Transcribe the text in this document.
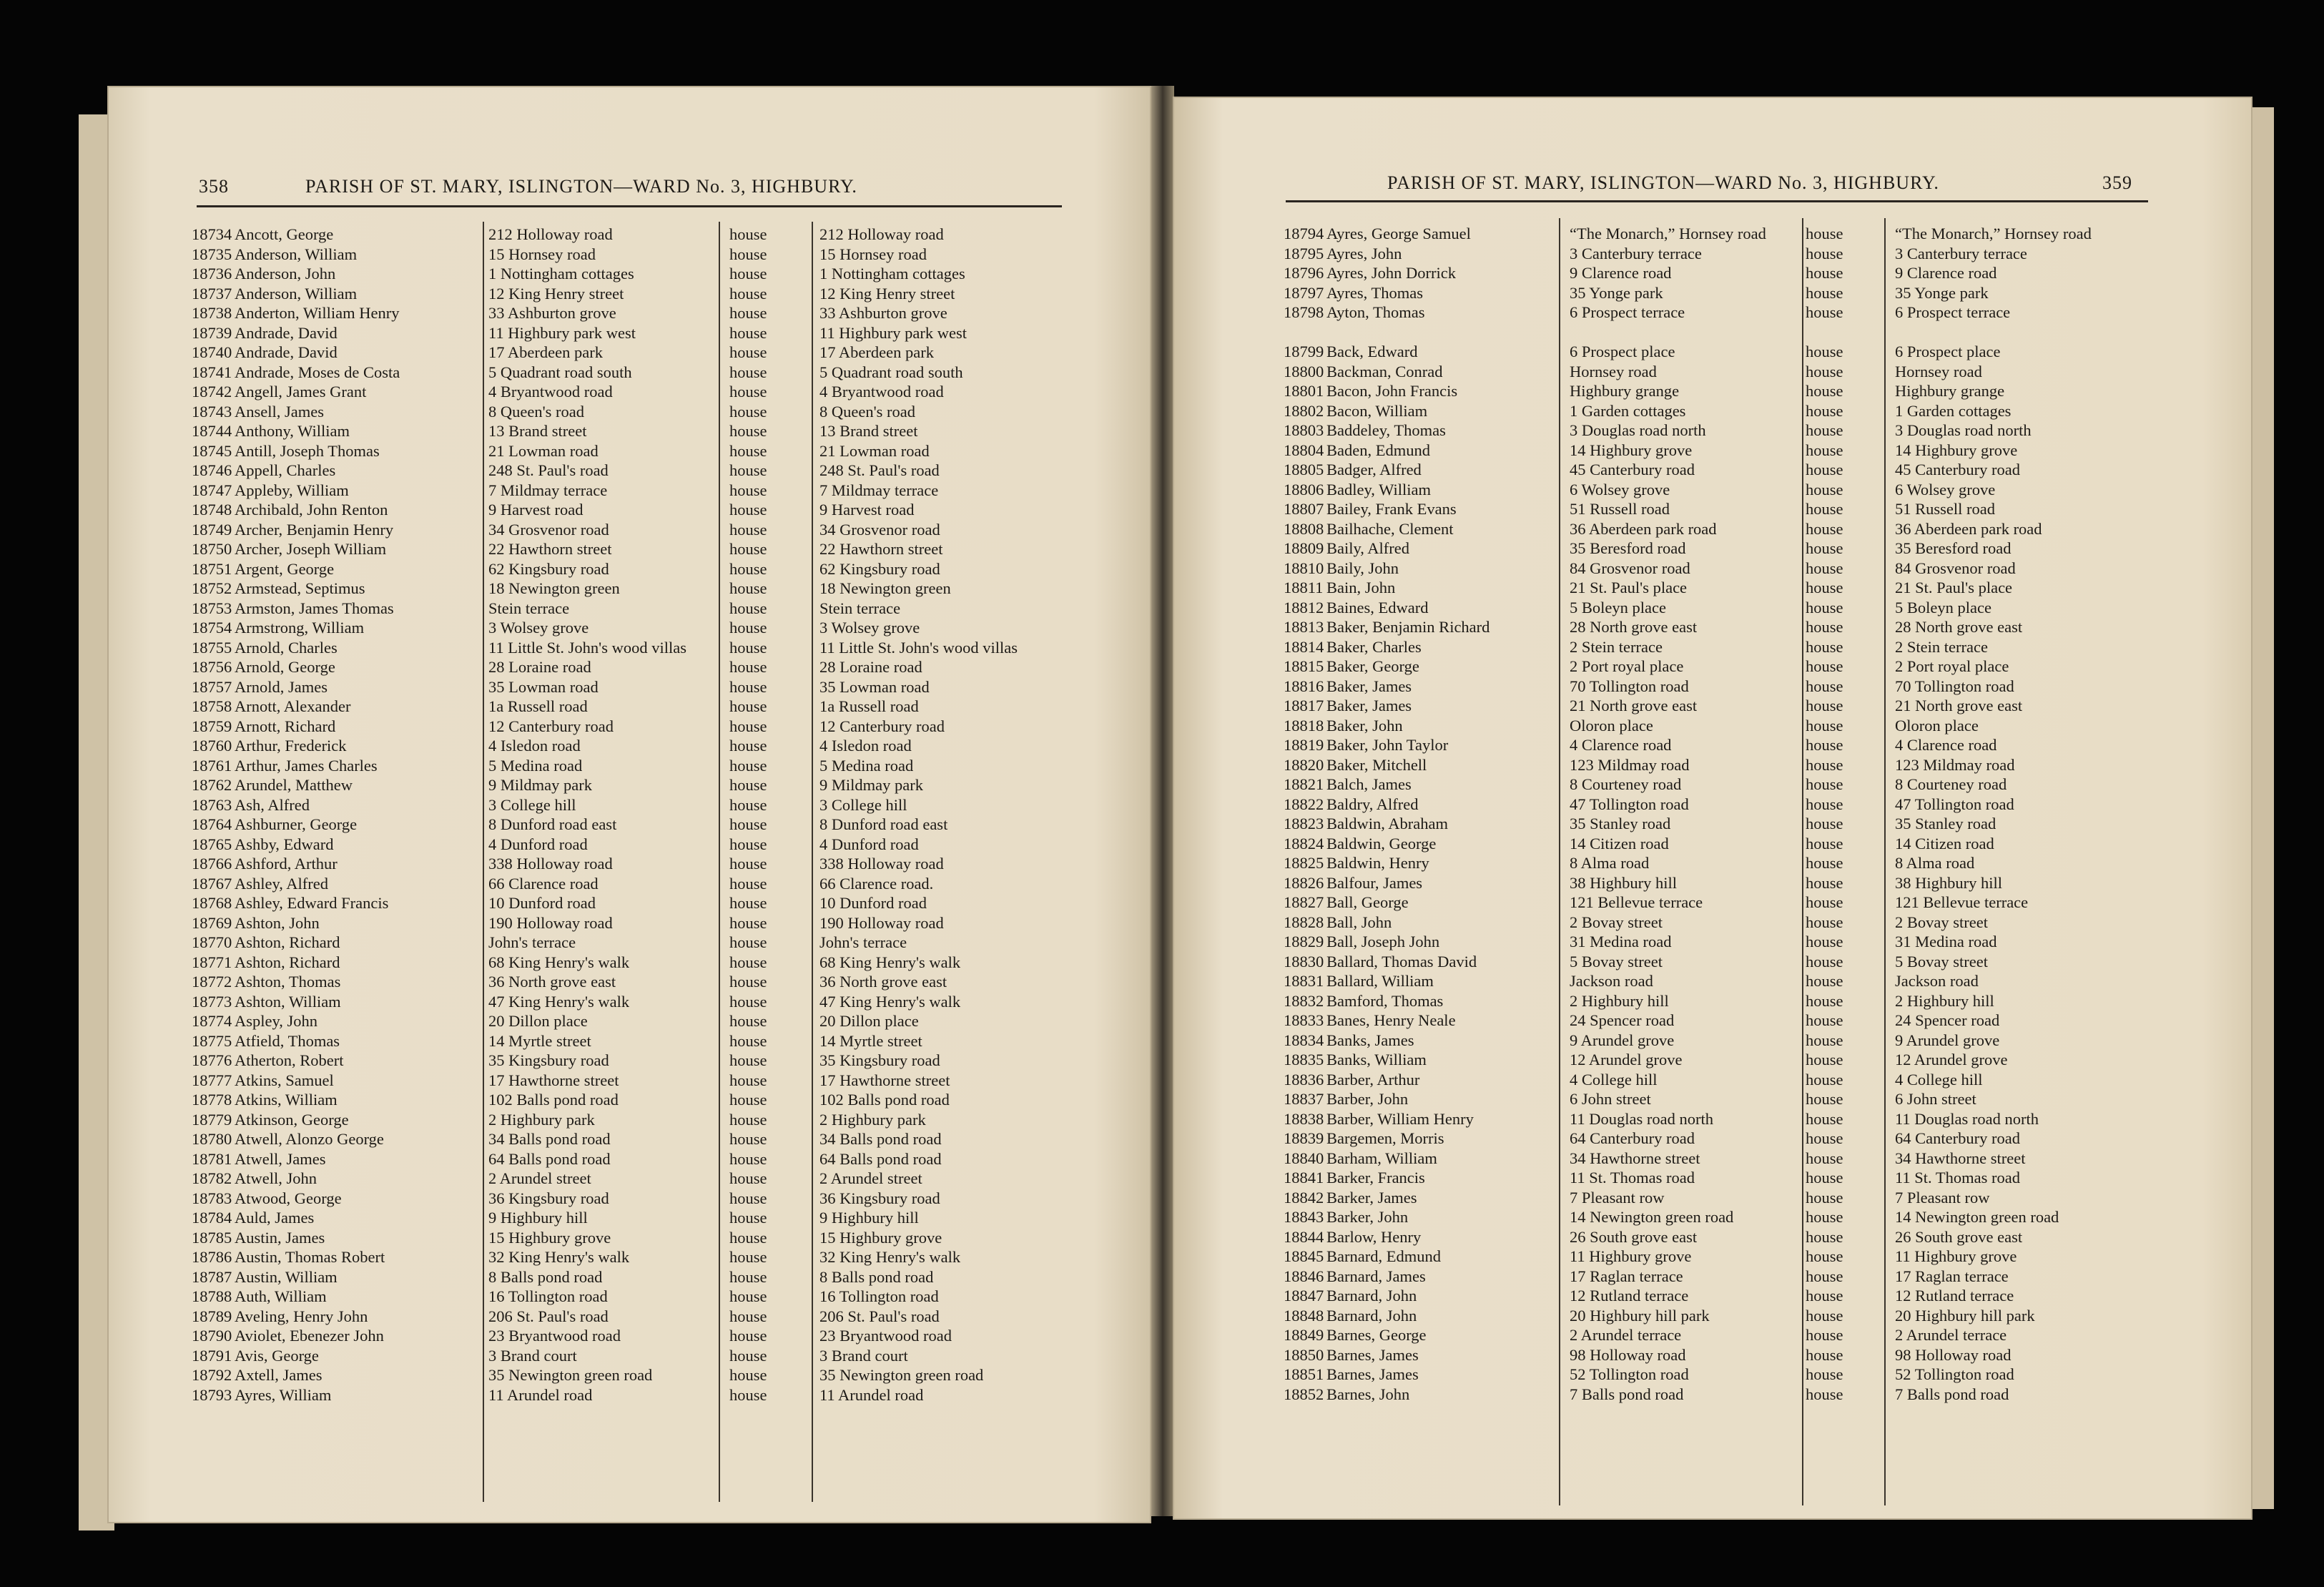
358	PARISH OF ST. MARY, ISLINGTON—WARD No. 3, HIGHBURY.
18734 Ancott, George	212 Holloway road	house	212 Holloway road
18735 Anderson, William	15 Hornsey road	house	15 Hornsey road
18736 Anderson, John	1 Nottingham cottages	house	1 Nottingham cottages
18737 Anderson, William	12 King Henry street	house	12 King Henry street
18738 Anderton, William Henry	33 Ashburton grove	house	33 Ashburton grove
18739 Andrade, David	11 Highbury park west	house	11 Highbury park west
18740 Andrade, David	17 Aberdeen park	house	17 Aberdeen park
18741 Andrade, Moses de Costa	5 Quadrant road south	house	5 Quadrant road south
18742 Angell, James Grant	4 Bryantwood road	house	4 Bryantwood road
18743 Ansell, James	8 Queen's road	house	8 Queen's road
18744 Anthony, William	13 Brand street	house	13 Brand street
18745 Antill, Joseph Thomas	21 Lowman road	house	21 Lowman road
18746 Appell, Charles	248 St. Paul's road	house	248 St. Paul's road
18747 Appleby, William	7 Mildmay terrace	house	7 Mildmay terrace
18748 Archibald, John Renton	9 Harvest road	house	9 Harvest road
18749 Archer, Benjamin Henry	34 Grosvenor road	house	34 Grosvenor road
18750 Archer, Joseph William	22 Hawthorn street	house	22 Hawthorn street
18751 Argent, George	62 Kingsbury road	house	62 Kingsbury road
18752 Armstead, Septimus	18 Newington green	house	18 Newington green
18753 Armston, James Thomas	Stein terrace	house	Stein terrace
18754 Armstrong, William	3 Wolsey grove	house	3 Wolsey grove
18755 Arnold, Charles	11 Little St. John's wood villas	house	11 Little St. John's wood villas
18756 Arnold, George	28 Loraine road	house	28 Loraine road
18757 Arnold, James	35 Lowman road	house	35 Lowman road
18758 Arnott, Alexander	1a Russell road	house	1a Russell road
18759 Arnott, Richard	12 Canterbury road	house	12 Canterbury road
18760 Arthur, Frederick	4 Isledon road	house	4 Isledon road
18761 Arthur, James Charles	5 Medina road	house	5 Medina road
18762 Arundel, Matthew	9 Mildmay park	house	9 Mildmay park
18763 Ash, Alfred	3 College hill	house	3 College hill
18764 Ashburner, George	8 Dunford road east	house	8 Dunford road east
18765 Ashby, Edward	4 Dunford road	house	4 Dunford road
18766 Ashford, Arthur	338 Holloway road	house	338 Holloway road
18767 Ashley, Alfred	66 Clarence road	house	66 Clarence road.
18768 Ashley, Edward Francis	10 Dunford road	house	10 Dunford road
18769 Ashton, John	190 Holloway road	house	190 Holloway road
18770 Ashton, Richard	John's terrace	house	John's terrace
18771 Ashton, Richard	68 King Henry's walk	house	68 King Henry's walk
18772 Ashton, Thomas	36 North grove east	house	36 North grove east
18773 Ashton, William	47 King Henry's walk	house	47 King Henry's walk
18774 Aspley, John	20 Dillon place	house	20 Dillon place
18775 Atfield, Thomas	14 Myrtle street	house	14 Myrtle street
18776 Atherton, Robert	35 Kingsbury road	house	35 Kingsbury road
18777 Atkins, Samuel	17 Hawthorne street	house	17 Hawthorne street
18778 Atkins, William	102 Balls pond road	house	102 Balls pond road
18779 Atkinson, George	2 Highbury park	house	2 Highbury park
18780 Atwell, Alonzo George	34 Balls pond road	house	34 Balls pond road
18781 Atwell, James	64 Balls pond road	house	64 Balls pond road
18782 Atwell, John	2 Arundel street	house	2 Arundel street
18783 Atwood, George	36 Kingsbury road	house	36 Kingsbury road
18784 Auld, James	9 Highbury hill	house	9 Highbury hill
18785 Austin, James	15 Highbury grove	house	15 Highbury grove
18786 Austin, Thomas Robert	32 King Henry's walk	house	32 King Henry's walk
18787 Austin, William	8 Balls pond road	house	8 Balls pond road
18788 Auth, William	16 Tollington road	house	16 Tollington road
18789 Aveling, Henry John	206 St. Paul's road	house	206 St. Paul's road
18790 Aviolet, Ebenezer John	23 Bryantwood road	house	23 Bryantwood road
18791 Avis, George	3 Brand court	house	3 Brand court
18792 Axtell, James	35 Newington green road	house	35 Newington green road
18793 Ayres, William	11 Arundel road	house	11 Arundel road
PARISH OF ST. MARY, ISLINGTON—WARD No. 3, HIGHBURY.	359
18794 Ayres, George Samuel	“The Monarch,” Hornsey road house	“The Monarch,” Hornsey road
18795 Ayres, John	3 Canterbury terrace	house	3 Canterbury terrace
18796 Ayres, John Dorrick	9 Clarence road	house	9 Clarence road
18797 Ayres, Thomas	35 Yonge park	house	35 Yonge park
18798 Ayton, Thomas	6 Prospect terrace	house	6 Prospect terrace
18799 Back, Edward	6 Prospect place	house	6 Prospect place
18800 Backman, Conrad	Hornsey road	house	Hornsey road
18801 Bacon, John Francis	Highbury grange	house	Highbury grange
18802 Bacon, William	1 Garden cottages	house	1 Garden cottages
18803 Baddeley, Thomas	3 Douglas road north	house	3 Douglas road north
18804 Baden, Edmund	14 Highbury grove	house	14 Highbury grove
18805 Badger, Alfred	45 Canterbury road	house	45 Canterbury road
18806 Badley, William	6 Wolsey grove	house	6 Wolsey grove
18807 Bailey, Frank Evans	51 Russell road	house	51 Russell road
18808 Bailhache, Clement	36 Aberdeen park road	house	36 Aberdeen park road
18809 Baily, Alfred	35 Beresford road	house	35 Beresford road
18810 Baily, John	84 Grosvenor road	house	84 Grosvenor road
18811 Bain, John	21 St. Paul's place	house	21 St. Paul's place
18812 Baines, Edward	5 Boleyn place	house	5 Boleyn place
18813 Baker, Benjamin Richard	28 North grove east	house	28 North grove east
18814 Baker, Charles	2 Stein terrace	house	2 Stein terrace
18815 Baker, George	2 Port royal place	house	2 Port royal place
18816 Baker, James	70 Tollington road	house	70 Tollington road
18817 Baker, James	21 North grove east	house	21 North grove east
18818 Baker, John	Oloron place	house	Oloron place
18819 Baker, John Taylor	4 Clarence road	house	4 Clarence road
18820 Baker, Mitchell	123 Mildmay road	house	123 Mildmay road
18821 Balch, James	8 Courteney road	house	8 Courteney road
18822 Baldry, Alfred	47 Tollington road	house	47 Tollington road
18823 Baldwin, Abraham	35 Stanley road	house	35 Stanley road
18824 Baldwin, George	14 Citizen road	house	14 Citizen road
18825 Baldwin, Henry	8 Alma road	house	8 Alma road
18826 Balfour, James	38 Highbury hill	house	38 Highbury hill
18827 Ball, George	121 Bellevue terrace	house	121 Bellevue terrace
18828 Ball, John	2 Bovay street	house	2 Bovay street
18829 Ball, Joseph John	31 Medina road	house	31 Medina road
18830 Ballard, Thomas David	5 Bovay street	house	5 Bovay street
18831 Ballard, William	Jackson road	house	Jackson road
18832 Bamford, Thomas	2 Highbury hill	house	2 Highbury hill
18833 Banes, Henry Neale	24 Spencer road	house	24 Spencer road
18834 Banks, James	9 Arundel grove	house	9 Arundel grove
18835 Banks, William	12 Arundel grove	house	12 Arundel grove
18836 Barber, Arthur	4 College hill	house	4 College hill
18837 Barber, John	6 John street	house	6 John street
18838 Barber, William Henry	11 Douglas road north	house	11 Douglas road north
18839 Bargemen, Morris	64 Canterbury road	house	64 Canterbury road
18840 Barham, William	34 Hawthorne street	house	34 Hawthorne street
18841 Barker, Francis	11 St. Thomas road	house	11 St. Thomas road
18842 Barker, James	7 Pleasant row	house	7 Pleasant row
18843 Barker, John	14 Newington green road	house	14 Newington green road
18844 Barlow, Henry	26 South grove east	house	26 South grove east
18845 Barnard, Edmund	11 Highbury grove	house	11 Highbury grove
18846 Barnard, James	17 Raglan terrace	house	17 Raglan terrace
18847 Barnard, John	12 Rutland terrace	house	12 Rutland terrace
18848 Barnard, John	20 Highbury hill park	house	20 Highbury hill park
18849 Barnes, George	2 Arundel terrace	house	2 Arundel terrace
18850 Barnes, James	98 Holloway road	house	98 Holloway road
18851 Barnes, James	52 Tollington road	house	52 Tollington road
18852 Barnes, John	7 Balls pond road	house	7 Balls pond road
